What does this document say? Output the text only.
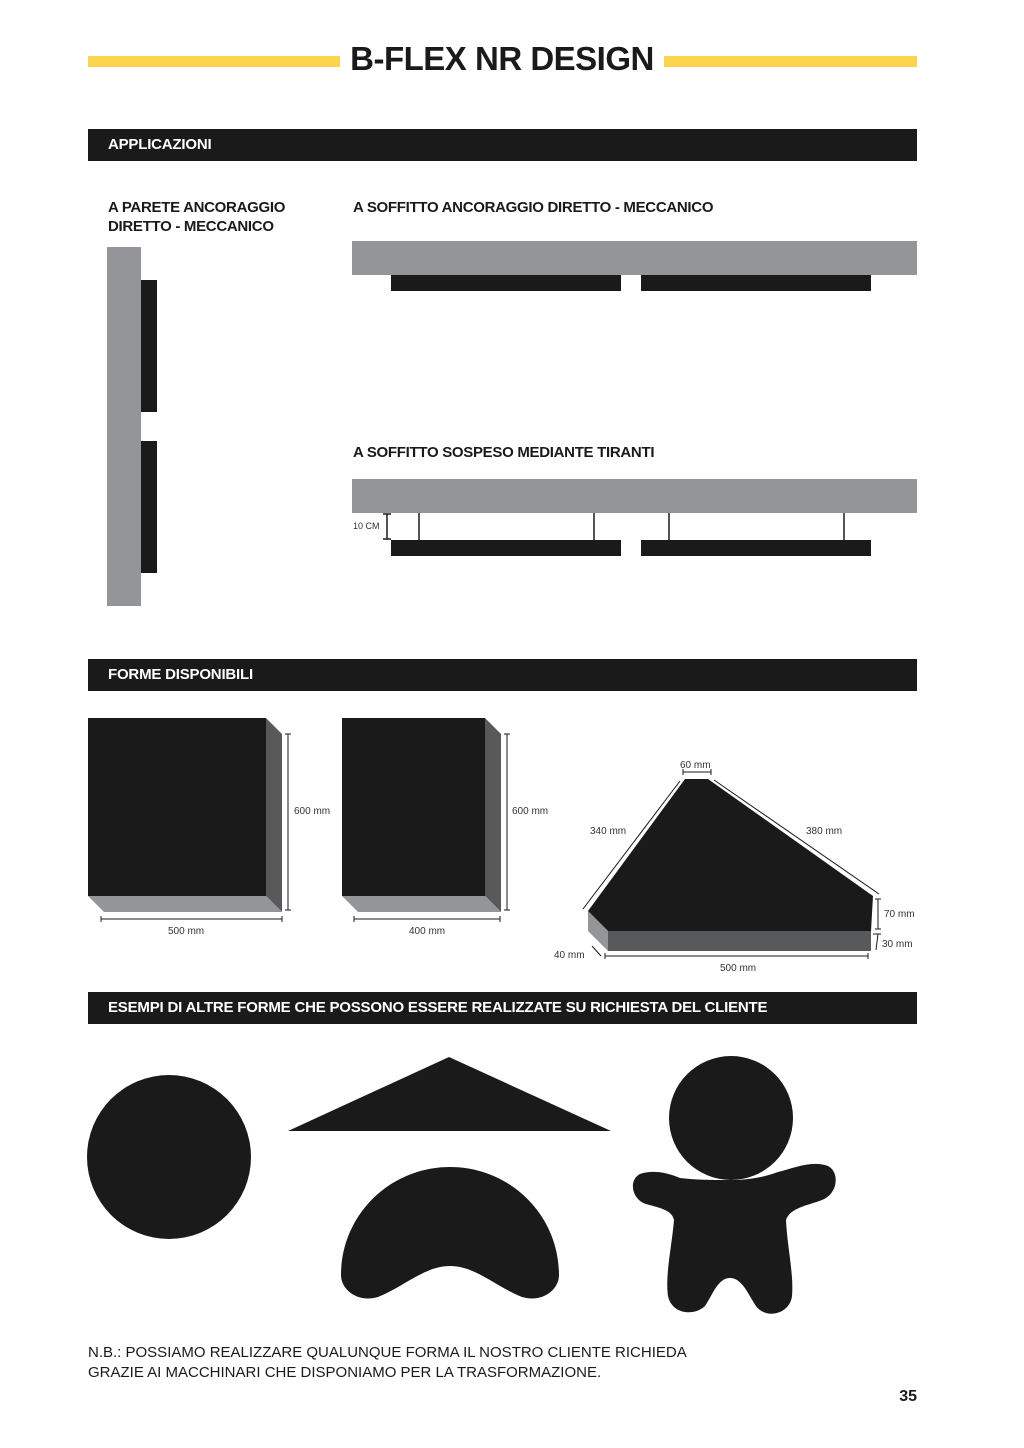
B-FLEX NR DESIGN
APPLICAZIONI
A PARETE ANCORAGGIO
DIRETTO - MECCANICO
A SOFFITTO ANCORAGGIO DIRETTO - MECCANICO
A SOFFITTO SOSPESO MEDIANTE TIRANTI
10 CM
FORME DISPONIBILI
600 mm
500 mm
600 mm
400 mm
60 mm
340 mm	380 mm
70 mm
30 mm
40 mm
500 mm
ESEMPI DI ALTRE FORME CHE POSSONO ESSERE REALIZZATE SU RICHIESTA DEL CLIENTE
N.B.: POSSIAMO REALIZZARE QUALUNQUE FORMA IL NOSTRO CLIENTE RICHIEDA
GRAZIE AI MACCHINARI CHE DISPONIAMO PER LA TRASFORMAZIONE.
35
